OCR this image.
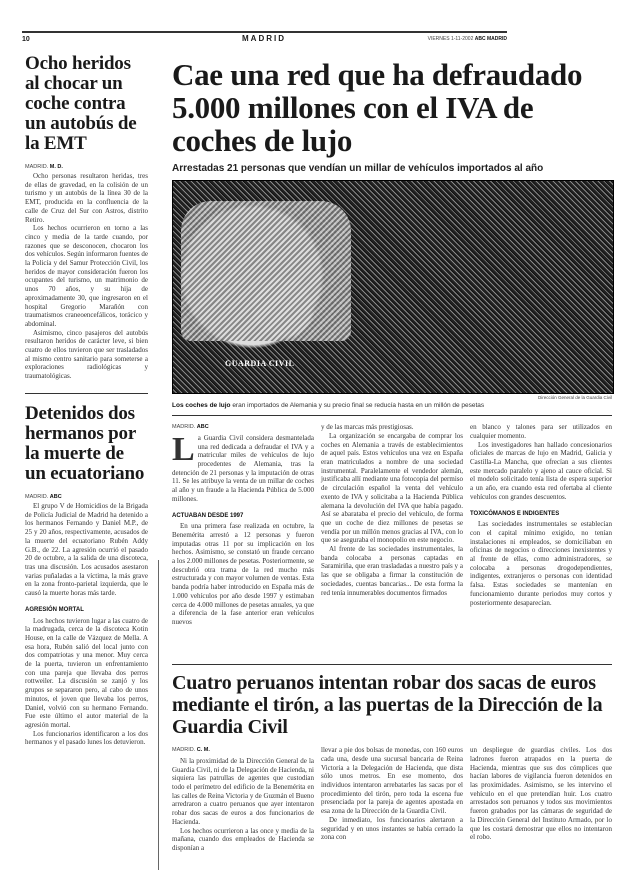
10	MADRID	VIERNES 1-11-2002 ABC MADRID
Ocho heridos al chocar un coche contra un autobús de la EMT
MADRID. M. D.

Ocho personas resultaron heridas, tres de ellas de gravedad, en la colisión de un turismo y un autobús de la línea 30 de la EMT, producida en la confluencia de la calle de Cruz del Sur con Astros, distrito Retiro.

Los hechos ocurrieron en torno a las cinco y media de la tarde cuando, por razones que se desconocen, chocaron los dos vehículos. Según informaron fuentes de la Policía y del Samur Protección Civil, los heridos de mayor consideración fueron los ocupantes del turismo, un matrimonio de unos 70 años, y su hija de aproximadamente 30, que ingresaron en el hospital Gregorio Marañón con traumatismos craneoencefálicos, torácico y abdominal.

Asimismo, cinco pasajeros del autobús resultaron heridos de carácter leve, si bien cuatro de ellos tuvieron que ser trasladados al mismo centro sanitario para someterse a exploraciones radiológicas y traumatológicas.

Detenidos dos hermanos por la muerte de un ecuatoriano
MADRID. ABC

El grupo V de Homicidios de la Brigada de Policía Judicial de Madrid ha detenido a los hermanos Fernando y Daniel M.P., de 25 y 20 años, respectivamente, acusados de la muerte del ecuatoriano Rubén Addy G.B., de 22. La agresión ocurrió el pasado 20 de octubre, a la salida de una discoteca, tras una discusión. Los acusados asestaron varias puñaladas a la víctima, la más grave en la zona fronto-parietal izquierda, que le causó la muerte horas más tarde.

AGRESIÓN MORTAL

Los hechos tuvieron lugar a las cuatro de la madrugada, cerca de la discoteca Kotin House, en la calle de Vázquez de Mella. A esa hora, Rubén salió del local junto con dos compatriotas y una menor. Muy cerca de la puerta, tuvieron un enfrentamiento con una pareja que llevaba dos perros rottweiler. La discusión se zanjó y los grupos se separaron pero, al cabo de unos minutos, el joven que llevaba los perros, Daniel, volvió con su hermano Fernando. Fue este último el autor material de la agresión mortal.

Los funcionarios identificaron a los dos hermanos y el pasado lunes los detuvieron.

Cae una red que ha defraudado 5.000 millones con el IVA de coches de lujo
Arrestadas 21 personas que vendían un millar de vehículos importados al año
GUARDIA CIVIL
Dirección General de la Guardia Civil
Los coches de lujo eran importados de Alemania y su precio final se reducía hasta en un millón de pesetas
MADRID. ABC
L a Guardia Civil considera desmantelada una red dedicada a defraudar el IVA y a matricular miles de vehículos de lujo procedentes de Alemania, tras la detención de 21 personas y la imputación de otras 11. Se les atribuye la venta de un millar de coches al año y un fraude a la Hacienda Pública de 5.000 millones.

ACTUABAN DESDE 1997

En una primera fase realizada en octubre, la Benemérita arrestó a 12 personas y fueron imputadas otras 11 por su implicación en los hechos. Asimismo, se constató un fraude cercano a los 2.000 millones de pesetas. Posteriormente, se descubrió otra trama de la red mucho más estructurada y con mayor volumen de ventas. Esta banda podría haber introducido en España más de 1.000 vehículos por año desde 1997 y estimaban cerca de 4.000 millones de pesetas anuales, ya que a diferencia de la fase anterior eran vehículos nuevos

y de las marcas más prestigiosas.

La organización se encargaba de comprar los coches en Alemania a través de establecimientos de aquel país. Estos vehículos una vez en España eran matriculados a nombre de una sociedad instrumental. Paralelamente el vendedor alemán, justificaba allí mediante una fotocopia del permiso de circulación español la venta del vehículo exento de IVA y solicitaba a la Hacienda Pública alemana la devolución del IVA que había pagado. Así se abarataba el precio del vehículo, de forma que un coche de diez millones de pesetas se vendía por un millón menos gracias al IVA, con lo que se aseguraba el monopolio en este negocio.

Al frente de las sociedades instrumentales, la banda colocaba a personas captadas en Saramiriña, que eran trasladadas a nuestro país y a las que se obligaba a firmar la constitución de sociedades, cuentas bancarias... De esta forma la red tenía innumerables documentos firmados

en blanco y talones para ser utilizados en cualquier momento.

Los investigadores han hallado concesionarios oficiales de marcas de lujo en Madrid, Galicia y Castilla-La Mancha, que ofrecían a sus clientes este mercado paralelo y ajeno al cauce oficial. Si el modelo solicitado tenía lista de espera superior a un año, era cuando esta red ofertaba al cliente vehículos con grandes descuentos.

TOXICÓMANOS E INDIGENTES

Las sociedades instrumentales se establecían con el capital mínimo exigido, no tenían instalaciones ni empleados, se domiciliaban en oficinas de negocios o direcciones inexistentes y al frente de ellas, como administradores, se colocaba a personas drogodependientes, indigentes, extranjeros o personas con identidad falsa. Estas sociedades se mantenían en funcionamiento durante periodos muy cortos y posteriormente desaparecían.

Cuatro peruanos intentan robar dos sacas de euros mediante el tirón, a las puertas de la Dirección de la Guardia Civil
MADRID. C. M.

Ni la proximidad de la Dirección General de la Guardia Civil, ni de la Delegación de Hacienda, ni siquiera las patrullas de agentes que custodian todo el perímetro del edificio de la Benemérita en las calles de Reina Victoria y de Guzmán el Bueno arredraron a cuatro peruanos que ayer intentaron robar dos sacas de euros a dos funcionarios de Hacienda.

Los hechos ocurrieron a las once y media de la mañana, cuando dos empleados de Hacienda se disponían a

llevar a pie dos bolsas de monedas, con 160 euros cada una, desde una sucursal bancaria de Reina Victoria a la Delegación de Hacienda, que dista sólo unos metros. En ese momento, dos individuos intentaron arrebatarles las sacas por el procedimiento del tirón, pero toda la escena fue presenciada por la pareja de agentes apostada en esa zona de la Dirección de la Guardia Civil.

De inmediato, los funcionarios alertaron a seguridad y en unos instantes se había cerrado la zona con

un despliegue de guardias civiles. Los dos ladrones fueron atrapados en la puerta de Hacienda, mientras que sus dos cómplices que hacían labores de vigilancia fueron detenidos en las proximidades. Asimismo, se les intervino el vehículo en el que pretendían huir. Los cuatro arrestados son peruanos y todos sus movimientos fueron grabados por las cámaras de seguridad de la Dirección General del Instituto Armado, por lo que les costará demostrar que ellos no intentaron el robo.
